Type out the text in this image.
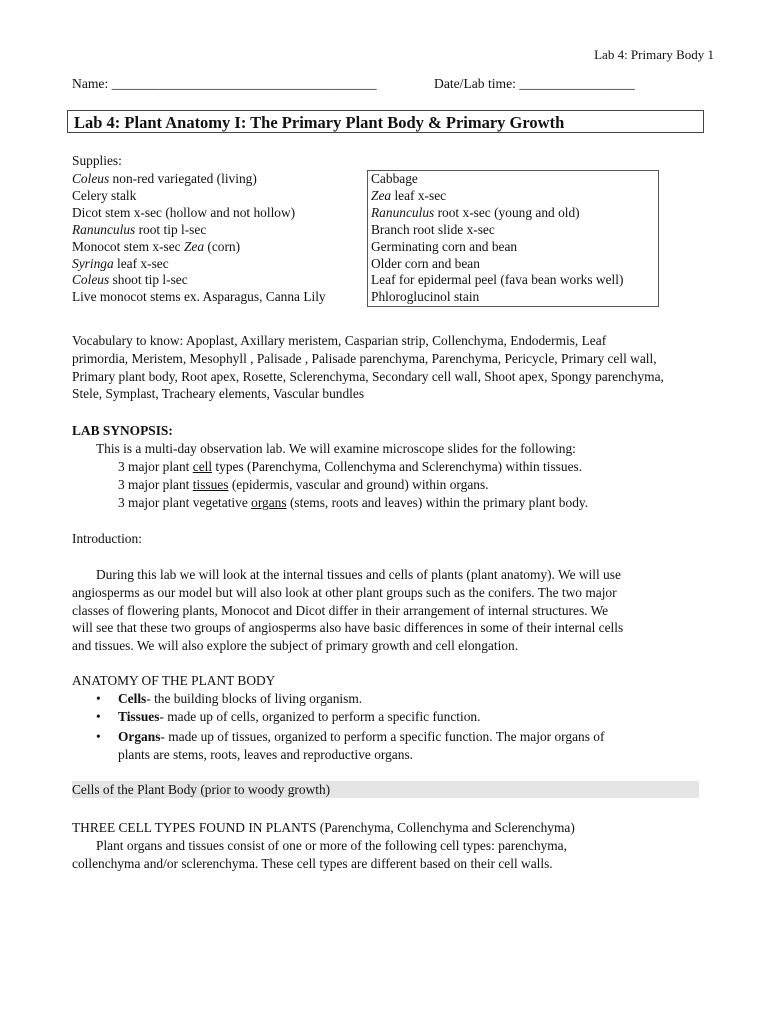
Lab 4: Primary Body 1
Name: _______________________________________	Date/Lab time: _________________
Lab 4: Plant Anatomy I: The Primary Plant Body & Primary Growth
Supplies:
Coleus non-red variegated (living)	Cabbage
Celery stalk	Zea leaf x-sec
Dicot stem x-sec (hollow and not hollow)	Ranunculus root x-sec (young and old)
Ranunculus root tip l-sec	Branch root slide x-sec
Monocot stem x-sec Zea (corn)	Germinating corn and bean
Syringa leaf x-sec	Older corn and bean
Coleus shoot tip l-sec	Leaf for epidermal peel (fava bean works well)
Live monocot stems ex. Asparagus, Canna Lily	Phloroglucinol stain
Vocabulary to know: Apoplast, Axillary meristem, Casparian strip, Collenchyma, Endodermis, Leaf
primordia, Meristem, Mesophyll , Palisade , Palisade parenchyma, Parenchyma, Pericycle, Primary cell wall,
Primary plant body, Root apex, Rosette, Sclerenchyma, Secondary cell wall, Shoot apex, Spongy parenchyma,
Stele, Symplast, Tracheary elements, Vascular bundles
LAB SYNOPSIS:
This is a multi-day observation lab. We will examine microscope slides for the following:
3 major plant cell types (Parenchyma, Collenchyma and Sclerenchyma) within tissues.
3 major plant tissues (epidermis, vascular and ground) within organs.
3 major plant vegetative organs (stems, roots and leaves) within the primary plant body.
Introduction:
During this lab we will look at the internal tissues and cells of plants (plant anatomy). We will use
angiosperms as our model but will also look at other plant groups such as the conifers. The two major
classes of flowering plants, Monocot and Dicot differ in their arrangement of internal structures. We
will see that these two groups of angiosperms also have basic differences in some of their internal cells
and tissues. We will also explore the subject of primary growth and cell elongation.
ANATOMY OF THE PLANT BODY
• Cells- the building blocks of living organism.
• Tissues- made up of cells, organized to perform a specific function.
• Organs- made up of tissues, organized to perform a specific function. The major organs of
plants are stems, roots, leaves and reproductive organs.
Cells of the Plant Body (prior to woody growth)
THREE CELL TYPES FOUND IN PLANTS (Parenchyma, Collenchyma and Sclerenchyma)
Plant organs and tissues consist of one or more of the following cell types: parenchyma,
collenchyma and/or sclerenchyma. These cell types are different based on their cell walls.
